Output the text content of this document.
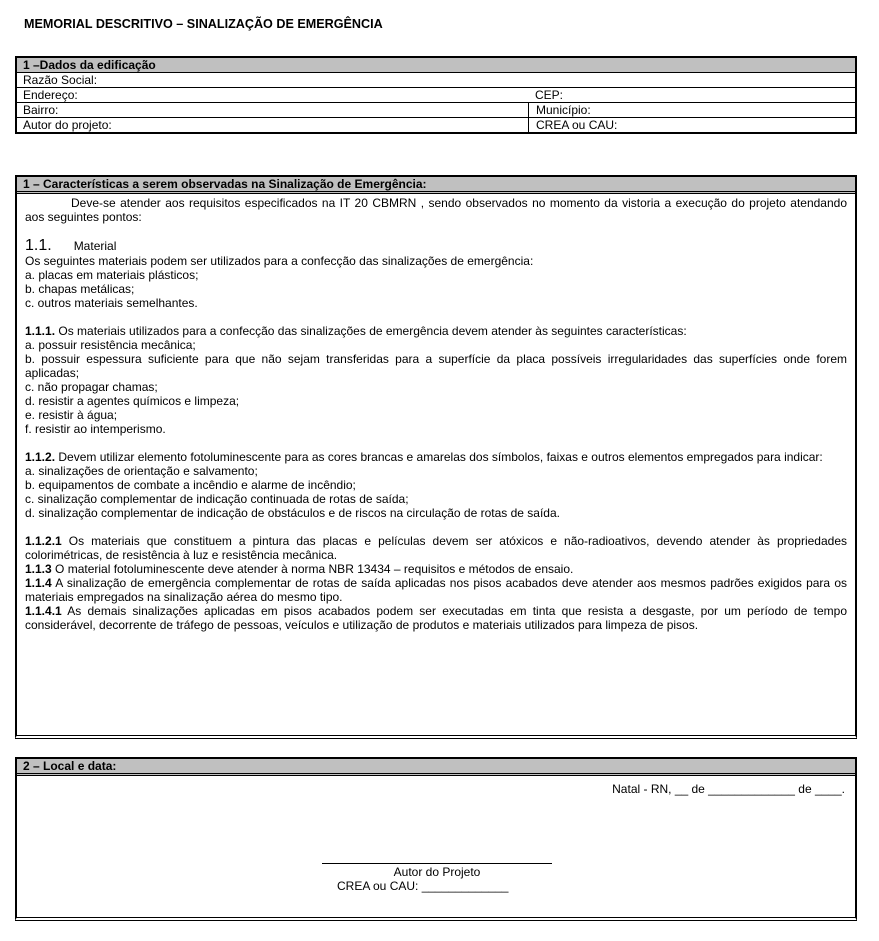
MEMORIAL DESCRITIVO – SINALIZAÇÃO DE EMERGÊNCIA
1 –Dados da edificação
Razão Social:
Endereço:	CEP:
Bairro:	Município:
Autor do projeto:	CREA ou CAU:
1 – Características a serem observadas na Sinalização de Emergência:

Deve-se atender aos requisitos especificados na IT 20 CBMRN , sendo observados no momento da vistoria a execução do projeto atendando aos seguintes pontos:

1.1. Material

Os seguintes materiais podem ser utilizados para a confecção das sinalizações de emergência:

a. placas em materiais plásticos;

b. chapas metálicas;

c. outros materiais semelhantes.

1.1.1. Os materiais utilizados para a confecção das sinalizações de emergência devem atender às seguintes características:

a. possuir resistência mecânica;

b. possuir espessura suficiente para que não sejam transferidas para a superfície da placa possíveis irregularidades das superfícies onde forem aplicadas;

c. não propagar chamas;

d. resistir a agentes químicos e limpeza;

e. resistir à água;

f. resistir ao intemperismo.

1.1.2. Devem utilizar elemento fotoluminescente para as cores brancas e amarelas dos símbolos, faixas e outros elementos empregados para indicar:

a. sinalizações de orientação e salvamento;

b. equipamentos de combate a incêndio e alarme de incêndio;

c. sinalização complementar de indicação continuada de rotas de saída;

d. sinalização complementar de indicação de obstáculos e de riscos na circulação de rotas de saída.

1.1.2.1 Os materiais que constituem a pintura das placas e películas devem ser atóxicos e não-radioativos, devendo atender às propriedades colorimétricas, de resistência à luz e resistência mecânica.

1.1.3 O material fotoluminescente deve atender à norma NBR 13434 – requisitos e métodos de ensaio.

1.1.4 A sinalização de emergência complementar de rotas de saída aplicadas nos pisos acabados deve atender aos mesmos padrões exigidos para os materiais empregados na sinalização aérea do mesmo tipo.

1.1.4.1 As demais sinalizações aplicadas em pisos acabados podem ser executadas em tinta que resista a desgaste, por um período de tempo considerável, decorrente de tráfego de pessoas, veículos e utilização de produtos e materiais utilizados para limpeza de pisos.

2 – Local e data:
Natal - RN, __ de _____________ de ____.
Autor do Projeto
CREA ou CAU: _____________
